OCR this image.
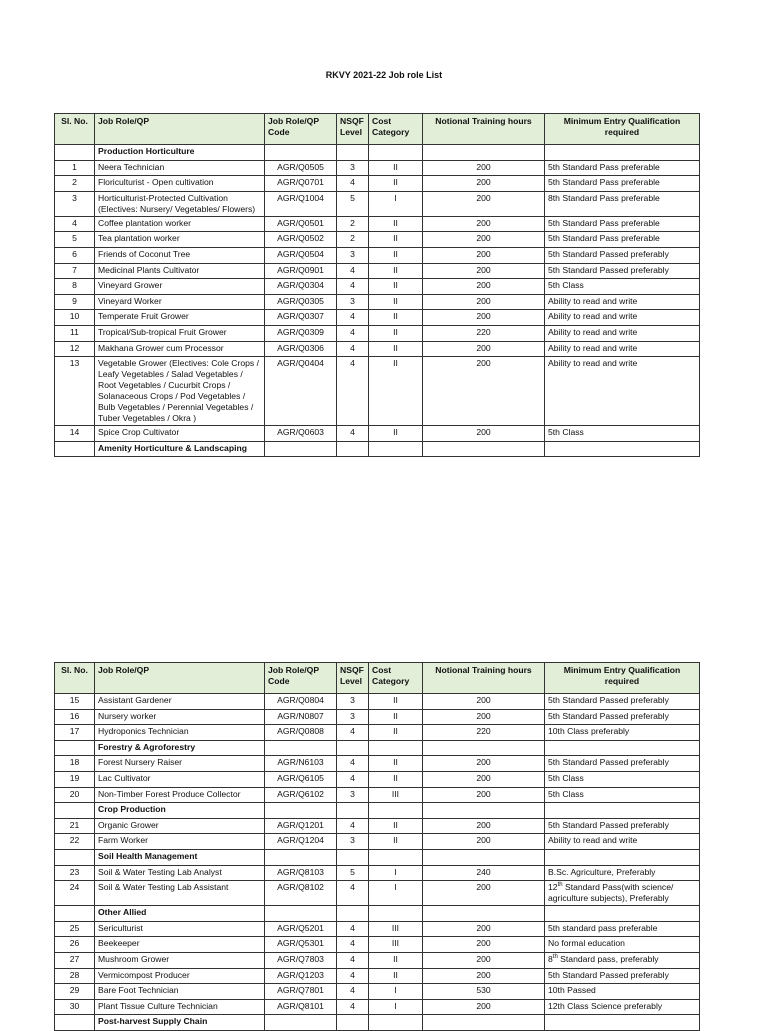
RKVY 2021-22 Job role List
Sl. No.	Job Role/QP	Job Role/QP Code	NSQF Level	Cost Category	Notional Training hours	Minimum Entry Qualification required
	Production Horticulture					
1	Neera Technician	AGR/Q0505	3	II	200	5th Standard Pass preferable
2	Floriculturist - Open cultivation	AGR/Q0701	4	II	200	5th Standard Pass preferable
3	Horticulturist-Protected Cultivation (Electives: Nursery/ Vegetables/ Flowers)	AGR/Q1004	5	I	200	8th Standard Pass preferable
4	Coffee plantation worker	AGR/Q0501	2	II	200	5th Standard Pass preferable
5	Tea plantation worker	AGR/Q0502	2	II	200	5th Standard Pass preferable
6	Friends of Coconut Tree	AGR/Q0504	3	II	200	5th Standard Passed preferably
7	Medicinal Plants Cultivator	AGR/Q0901	4	II	200	5th Standard Passed preferably
8	Vineyard Grower	AGR/Q0304	4	II	200	5th Class
9	Vineyard Worker	AGR/Q0305	3	II	200	Ability to read and write
10	Temperate Fruit Grower	AGR/Q0307	4	II	200	Ability to read and write
11	Tropical/Sub-tropical Fruit Grower	AGR/Q0309	4	II	220	Ability to read and write
12	Makhana Grower cum Processor	AGR/Q0306	4	II	200	Ability to read and write
13	Vegetable Grower (Electives: Cole Crops / Leafy Vegetables / Salad Vegetables / Root Vegetables / Cucurbit Crops / Solanaceous Crops / Pod Vegetables / Bulb Vegetables / Perennial Vegetables / Tuber Vegetables / Okra )	AGR/Q0404	4	II	200	Ability to read and write
14	Spice Crop Cultivator	AGR/Q0603	4	II	200	5th Class
	Amenity Horticulture & Landscaping					
Sl. No.	Job Role/QP	Job Role/QP Code	NSQF Level	Cost Category	Notional Training hours	Minimum Entry Qualification required
15	Assistant Gardener	AGR/Q0804	3	II	200	5th Standard Passed preferably
16	Nursery worker	AGR/N0807	3	II	200	5th Standard Passed preferably
17	Hydroponics Technician	AGR/Q0808	4	II	220	10th Class preferably
	Forestry & Agroforestry					
18	Forest Nursery Raiser	AGR/N6103	4	II	200	5th Standard Passed preferably
19	Lac Cultivator	AGR/Q6105	4	II	200	5th Class
20	Non-Timber Forest Produce Collector	AGR/Q6102	3	III	200	5th Class
	Crop Production					
21	Organic Grower	AGR/Q1201	4	II	200	5th Standard Passed preferably
22	Farm Worker	AGR/Q1204	3	II	200	Ability to read and write
	Soil Health Management					
23	Soil & Water Testing Lab Analyst	AGR/Q8103	5	I	240	B.Sc. Agriculture, Preferably
24	Soil & Water Testing Lab Assistant	AGR/Q8102	4	I	200	12th Standard Pass(with science/ agriculture subjects), Preferably
	Other Allied					
25	Sericulturist	AGR/Q5201	4	III	200	5th standard pass preferable
26	Beekeeper	AGR/Q5301	4	III	200	No formal education
27	Mushroom Grower	AGR/Q7803	4	II	200	8th Standard pass, preferably
28	Vermicompost Producer	AGR/Q1203	4	II	200	5th Standard Passed preferably
29	Bare Foot Technician	AGR/Q7801	4	I	530	10th Passed
30	Plant Tissue Culture Technician	AGR/Q8101	4	I	200	12th Class Science preferably
	Post-harvest Supply Chain					
